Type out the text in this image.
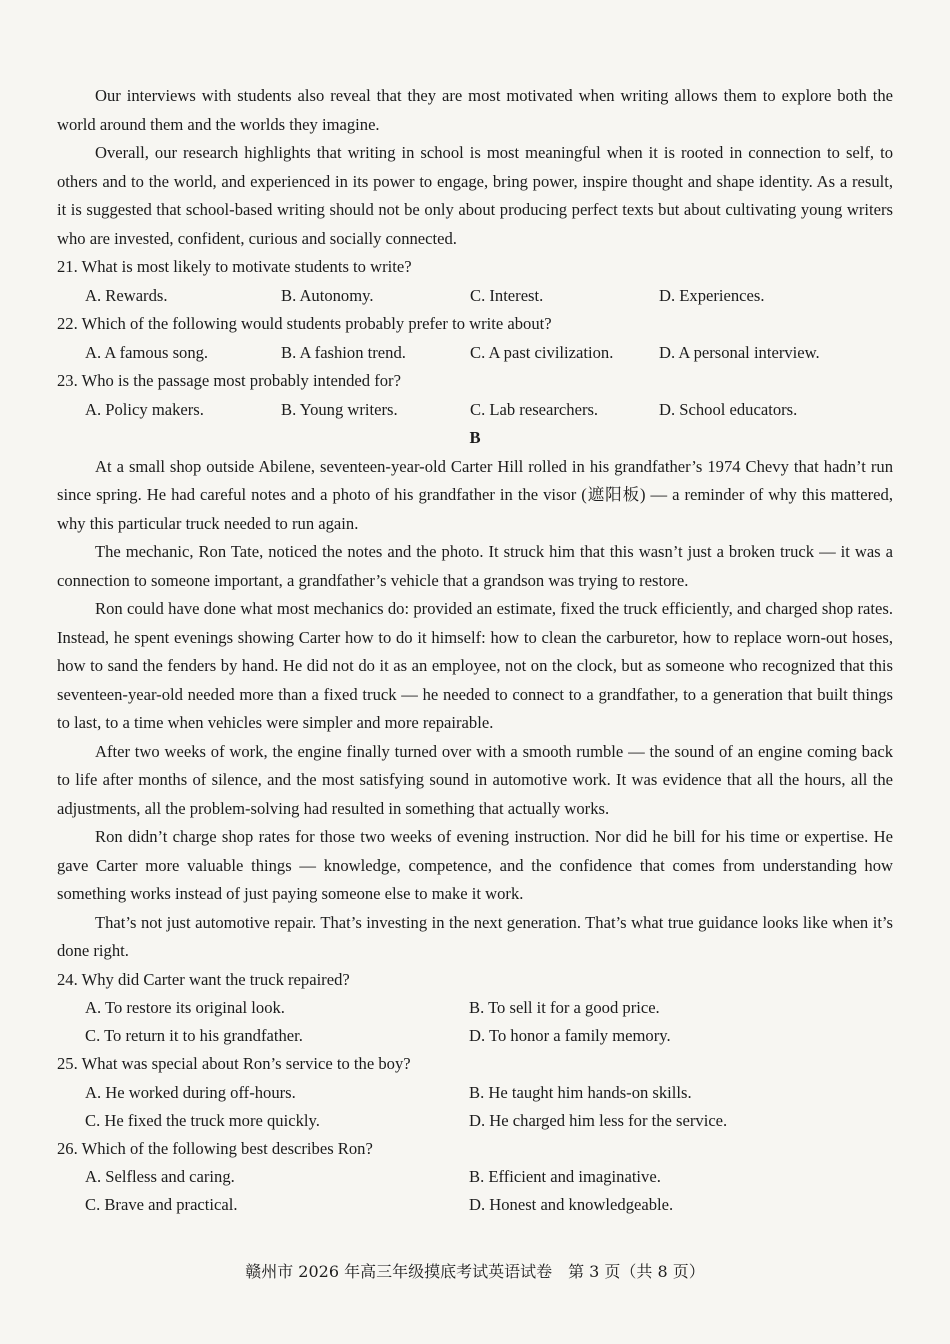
Our interviews with students also reveal that they are most motivated when writing allows them to explore both the world around them and the worlds they imagine.

Overall, our research highlights that writing in school is most meaningful when it is rooted in connection to self, to others and to the world, and experienced in its power to engage, bring power, inspire thought and shape identity. As a result, it is suggested that school-based writing should not be only about producing perfect texts but about cultivating young writers who are invested, confident, curious and socially connected.

21. What is most likely to motivate students to write?

A. Rewards.	B. Autonomy.	C. Interest.	D. Experiences.

22. Which of the following would students probably prefer to write about?

A. A famous song.	B. A fashion trend.	C. A past civilization.	D. A personal interview.

23. Who is the passage most probably intended for?

A. Policy makers.	B. Young writers.	C. Lab researchers.	D. School educators.
B

At a small shop outside Abilene, seventeen-year-old Carter Hill rolled in his grandfather’s 1974 Chevy that hadn’t run since spring. He had careful notes and a photo of his grandfather in the visor (遮阳板) — a reminder of why this mattered, why this particular truck needed to run again.

The mechanic, Ron Tate, noticed the notes and the photo. It struck him that this wasn’t just a broken truck — it was a connection to someone important, a grandfather’s vehicle that a grandson was trying to restore.

Ron could have done what most mechanics do: provided an estimate, fixed the truck efficiently, and charged shop rates. Instead, he spent evenings showing Carter how to do it himself: how to clean the carburetor, how to replace worn-out hoses, how to sand the fenders by hand. He did not do it as an employee, not on the clock, but as someone who recognized that this seventeen-year-old needed more than a fixed truck — he needed to connect to a grandfather, to a generation that built things to last, to a time when vehicles were simpler and more repairable.

After two weeks of work, the engine finally turned over with a smooth rumble — the sound of an engine coming back to life after months of silence, and the most satisfying sound in automotive work. It was evidence that all the hours, all the adjustments, all the problem-solving had resulted in something that actually works.

Ron didn’t charge shop rates for those two weeks of evening instruction. Nor did he bill for his time or expertise. He gave Carter more valuable things — knowledge, competence, and the confidence that comes from understanding how something works instead of just paying someone else to make it work.

That’s not just automotive repair. That’s investing in the next generation. That’s what true guidance looks like when it’s done right.

24. Why did Carter want the truck repaired?

A. To restore its original look.	B. To sell it for a good price.
C. To return it to his grandfather.	D. To honor a family memory.

25. What was special about Ron’s service to the boy?

A. He worked during off-hours.	B. He taught him hands-on skills.
C. He fixed the truck more quickly.	D. He charged him less for the service.

26. Which of the following best describes Ron?

A. Selfless and caring.	B. Efficient and imaginative.
C. Brave and practical.	D. Honest and knowledgeable.
赣州市 2026 年高三年级摸底考试英语试卷　第 3 页（共 8 页）
